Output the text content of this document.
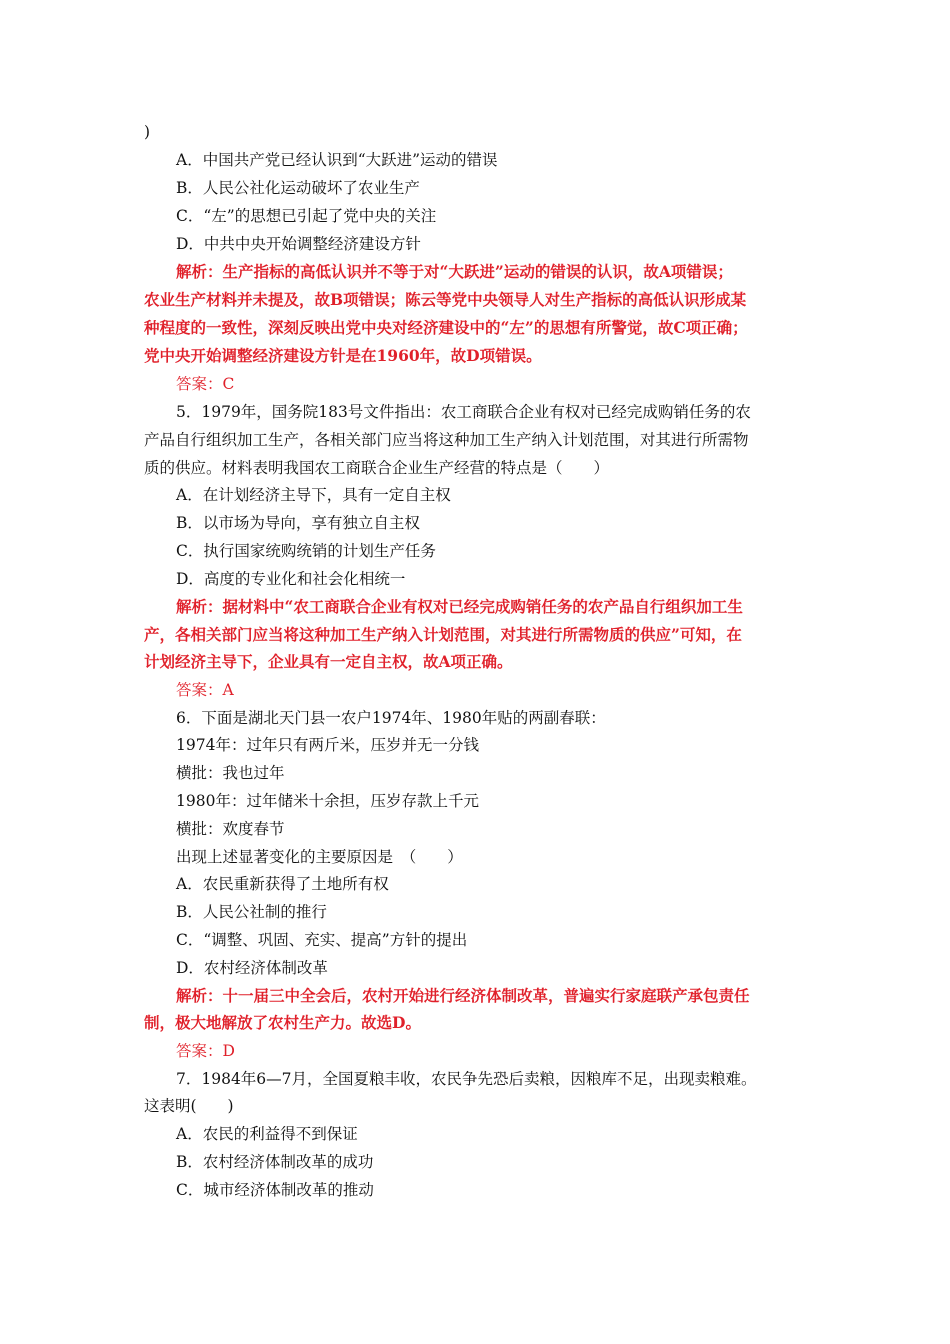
)
A．中国共产党已经认识到“大跃进”运动的错误
B．人民公社化运动破坏了农业生产
C．“左”的思想已引起了党中央的关注
D．中共中央开始调整经济建设方针
解析：生产指标的高低认识并不等于对“大跃进”运动的错误的认识，故A项错误；
农业生产材料并未提及，故B项错误；陈云等党中央领导人对生产指标的高低认识形成某
种程度的一致性，深刻反映出党中央对经济建设中的“左”的思想有所警觉，故C项正确；
党中央开始调整经济建设方针是在1960年，故D项错误。
答案：C
5．1979年，国务院183号文件指出：农工商联合企业有权对已经完成购销任务的农
产品自行组织加工生产，各相关部门应当将这种加工生产纳入计划范围，对其进行所需物
质的供应。材料表明我国农工商联合企业生产经营的特点是（　　）
A．在计划经济主导下，具有一定自主权
B．以市场为导向，享有独立自主权
C．执行国家统购统销的计划生产任务
D．高度的专业化和社会化相统一
解析：据材料中“农工商联合企业有权对已经完成购销任务的农产品自行组织加工生
产，各相关部门应当将这种加工生产纳入计划范围，对其进行所需物质的供应”可知，在
计划经济主导下，企业具有一定自主权，故A项正确。
答案：A
6．下面是湖北天门县一农户1974年、1980年贴的两副春联：
1974年：过年只有两斤米，压岁并无一分钱
横批：我也过年
1980年：过年储米十余担，压岁存款上千元
横批：欢度春节
出现上述显著变化的主要原因是　（　　）
A．农民重新获得了土地所有权
B．人民公社制的推行
C．“调整、巩固、充实、提高”方针的提出
D．农村经济体制改革
解析：十一届三中全会后，农村开始进行经济体制改革，普遍实行家庭联产承包责任
制，极大地解放了农村生产力。故选D。
答案：D
7．1984年6—7月，全国夏粮丰收，农民争先恐后卖粮，因粮库不足，出现卖粮难。
这表明(　　)
A．农民的利益得不到保证
B．农村经济体制改革的成功
C．城市经济体制改革的推动
